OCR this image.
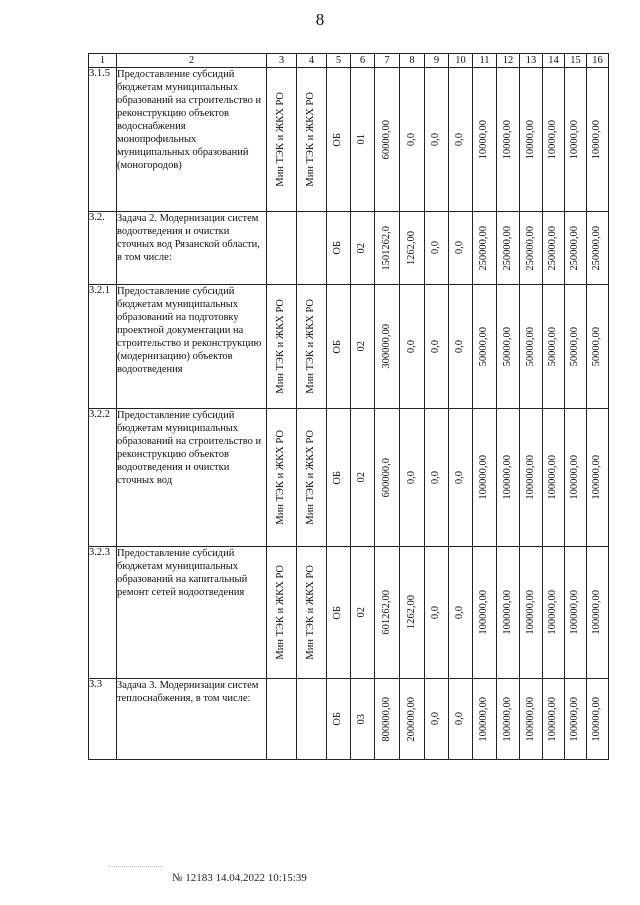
8
1	2	3	4	5	6	7	8	9	10	11	12	13	14	15	16
3.1.5	Предоставление субсидий бюджетам муниципальных образований на строительство и реконструкцию объектов водоснабжения монопрофильных муниципальных образований (моногородов)	Мин ТЭК и ЖКХ РО	Мин ТЭК и ЖКХ РО	ОБ	01	60000,00	0,0	0,0	0,0	10000,00	10000,00	10000,00	10000,00	10000,00	10000,00

3.2.	Задача 2. Модернизация систем водоотведения и очистки сточных вод Рязанской области, в том числе:			ОБ	02	1501262,0	1262,00	0,0	0,0	250000,00	250000,00	250000,00	250000,00	250000,00	250000,00

3.2.1	Предоставление субсидий бюджетам муниципальных образований на подготовку проектной документации на строительство и реконструкцию (модернизацию) объектов водоотведения	Мин ТЭК и ЖКХ РО	Мин ТЭК и ЖКХ РО	ОБ	02	300000,00	0,0	0,0	0,0	50000,00	50000,00	50000,00	50000,00	50000,00	50000,00

3.2.2	Предоставление субсидий бюджетам муниципальных образований на строительство и реконструкцию объектов водоотведения и очистки сточных вод	Мин ТЭК и ЖКХ РО	Мин ТЭК и ЖКХ РО	ОБ	02	600000,0	0,0	0,0	0,0	100000,00	100000,00	100000,00	100000,00	100000,00	100000,00

3.2.3	Предоставление субсидий бюджетам муниципальных образований на капитальный ремонт сетей водоотведения	Мин ТЭК и ЖКХ РО	Мин ТЭК и ЖКХ РО	ОБ	02	601262,00	1262,00	0,0	0,0	100000,00	100000,00	100000,00	100000,00	100000,00	100000,00

3.3	Задача 3. Модернизация систем теплоснабжения, в том числе:			ОБ	03	800000,00	200000,00	0,0	0,0	100000,00	100000,00	100000,00	100000,00	100000,00	100000,00
№ 12183 14.04.2022 10:15:39
